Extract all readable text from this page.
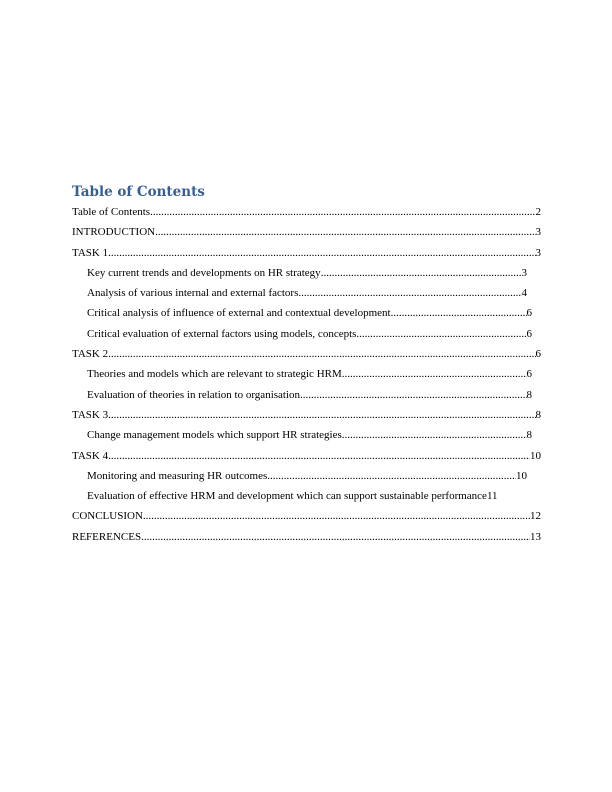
Table of Contents
Table of Contents .....	2
INTRODUCTION .....	3
TASK 1 .....	3
Key current trends and developments on HR strategy .....	3
Analysis of various internal and external factors .....	4
Critical analysis of influence of external and contextual development .....	6
Critical evaluation of external factors using models, concepts .....	6
TASK 2 .....	6
Theories and models which are relevant to strategic HRM .....	6
Evaluation of theories in relation to organisation .....	8
TASK 3 .....	8
Change management models which support HR strategies .....	8
TASK 4 .....	10
Monitoring and measuring HR outcomes .....	10
Evaluation of effective HRM and development which can support sustainable performance 11
CONCLUSION .....	12
REFERENCES .....	13
